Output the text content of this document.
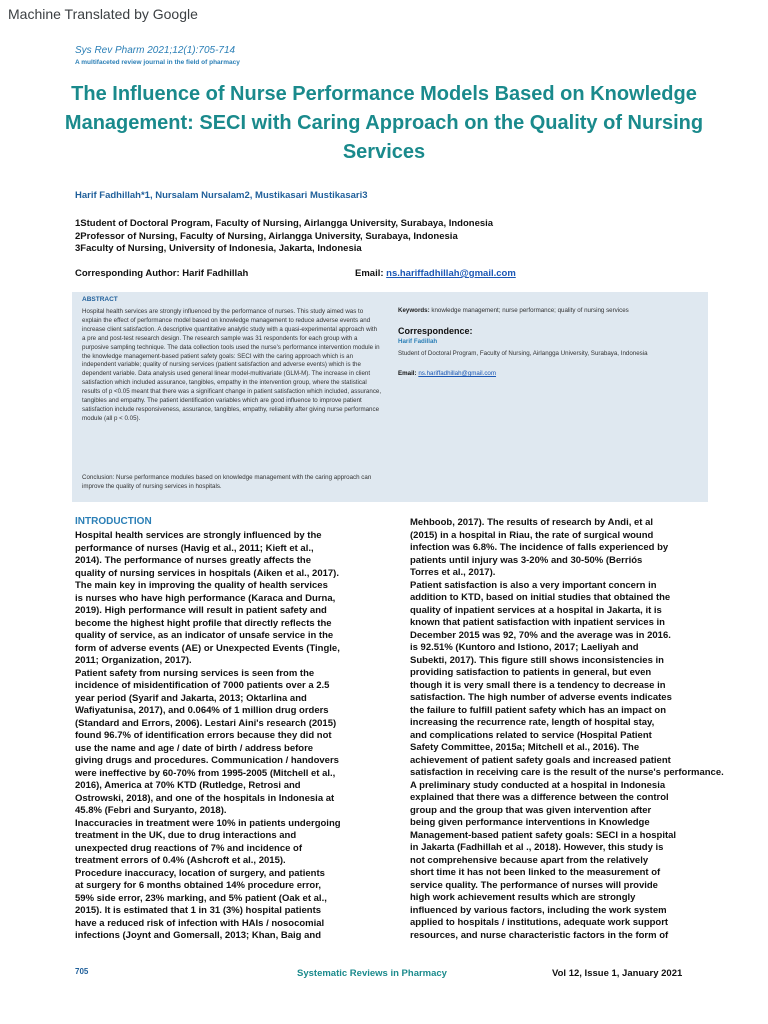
Machine Translated by Google
Sys Rev Pharm 2021;12(1):705-714
A multifaceted review journal in the field of pharmacy
The Influence of Nurse Performance Models Based on Knowledge Management: SECI with Caring Approach on the Quality of Nursing Services
Harif Fadhillah*1, Nursalam Nursalam2, Mustikasari Mustikasari3
1Student of Doctoral Program, Faculty of Nursing, Airlangga University, Surabaya, Indonesia
2Professor of Nursing, Faculty of Nursing, Airlangga University, Surabaya, Indonesia
3Faculty of Nursing, University of Indonesia, Jakarta, Indonesia
Corresponding Author: Harif Fadhillah	Email: ns.hariffadhillah@gmail.com
ABSTRACT
Hospital health services are strongly influenced by the performance of nurses. This study aimed was to explain the effect of performance model based on knowledge management to reduce adverse events and increase client satisfaction. A descriptive quantitative analytic study with a quasi-experimental approach with a pre and post-test research design. The research sample was 31 respondents for each group with a purposive sampling technique. The data collection tools used the nurse's performance intervention module in the knowledge management-based patient safety goals: SECI with the caring approach which is an independent variable; quality of nursing services (patient satisfaction and adverse events) which is the dependent variable. Data analysis used general linear model-multivariate (GLM-M). The increase in client satisfaction which included assurance, tangibles, empathy in the intervention group, where the statistical results of p <0.05 meant that there was a significant change in patient satisfaction which included, assurance, tangibles and empathy. The patient identification variables which are good influence to improve patient satisfaction include responsiveness, assurance, tangibles, empathy, reliability after giving nurse performance module (all p < 0.05).
Conclusion: Nurse performance modules based on knowledge management with the caring approach can improve the quality of nursing services in hospitals.
Keywords: knowledge management; nurse performance; quality of nursing services
Correspondence:
Harif Fadillah
Student of Doctoral Program, Faculty of Nursing, Airlangga University, Surabaya, Indonesia
Email: ns.hariffadhillah@gmail.com
INTRODUCTION
Hospital health services are strongly influenced by the
performance of nurses (Havig et al., 2011; Kieft et al.,
2014). The performance of nurses greatly affects the
quality of nursing services in hospitals (Aiken et al., 2017).
The main key in improving the quality of health services
is nurses who have high performance (Karaca and Durna,
2019). High performance will result in patient safety and
become the highest hight profile that directly reflects the
quality of service, as an indicator of unsafe service in the
form of adverse events (AE) or Unexpected Events (Tingle,
2011; Organization, 2017).
Patient safety from nursing services is seen from the
incidence of misidentification of 7000 patients over a 2.5
year period (Syarif and Jakarta, 2013; Oktarlina and
Wafiyatunisa, 2017), and 0.064% of 1 million drug orders
(Standard and Errors, 2006). Lestari Aini's research (2015)
found 96.7% of identification errors because they did not
use the name and age / date of birth / address before
giving drugs and procedures. Communication / handovers
were ineffective by 60-70% from 1995-2005 (Mitchell et al.,
2016), America at 70% KTD (Rutledge, Retrosi and
Ostrowski, 2018), and one of the hospitals in Indonesia at
45.8% (Febri and Suryanto, 2018).
Inaccuracies in treatment were 10% in patients undergoing
treatment in the UK, due to drug interactions and
unexpected drug reactions of 7% and incidence of
treatment errors of 0.4% (Ashcroft et al., 2015).
Procedure inaccuracy, location of surgery, and patients
at surgery for 6 months obtained 14% procedure error,
59% side error, 23% marking, and 5% patient (Oak et al.,
2015). It is estimated that 1 in 31 (3%) hospital patients
have a reduced risk of infection with HAIs / nosocomial
infections (Joynt and Gomersall, 2013; Khan, Baig and
Mehboob, 2017). The results of research by Andi, et al
(2015) in a hospital in Riau, the rate of surgical wound
infection was 6.8%. The incidence of falls experienced by
patients until injury was 3-20% and 30-50% (Berriós
Torres et al., 2017).
Patient satisfaction is also a very important concern in
addition to KTD, based on initial studies that obtained the
quality of inpatient services at a hospital in Jakarta, it is
known that patient satisfaction with inpatient services in
December 2015 was 92, 70% and the average was in 2016.
is 92.51% (Kuntoro and Istiono, 2017; Laeliyah and
Subekti, 2017). This figure still shows inconsistencies in
providing satisfaction to patients in general, but even
though it is very small there is a tendency to decrease in
satisfaction. The high number of adverse events indicates
the failure to fulfill patient safety which has an impact on
increasing the recurrence rate, length of hospital stay,
and complications related to service (Hospital Patient
Safety Committee, 2015a; Mitchell et al., 2016). The
achievement of patient safety goals and increased patient
satisfaction in receiving care is the result of the nurse's performance.
A preliminary study conducted at a hospital in Indonesia
explained that there was a difference between the control
group and the group that was given intervention after
being given performance interventions in Knowledge
Management-based patient safety goals: SECI in a hospital
in Jakarta (Fadhillah et al ., 2018). However, this study is
not comprehensive because apart from the relatively
short time it has not been linked to the measurement of
service quality. The performance of nurses will provide
high work achievement results which are strongly
influenced by various factors, including the work system
applied to hospitals / institutions, adequate work support
resources, and nurse characteristic factors in the form of
705	Systematic Reviews in Pharmacy	Vol 12, Issue 1, January 2021
